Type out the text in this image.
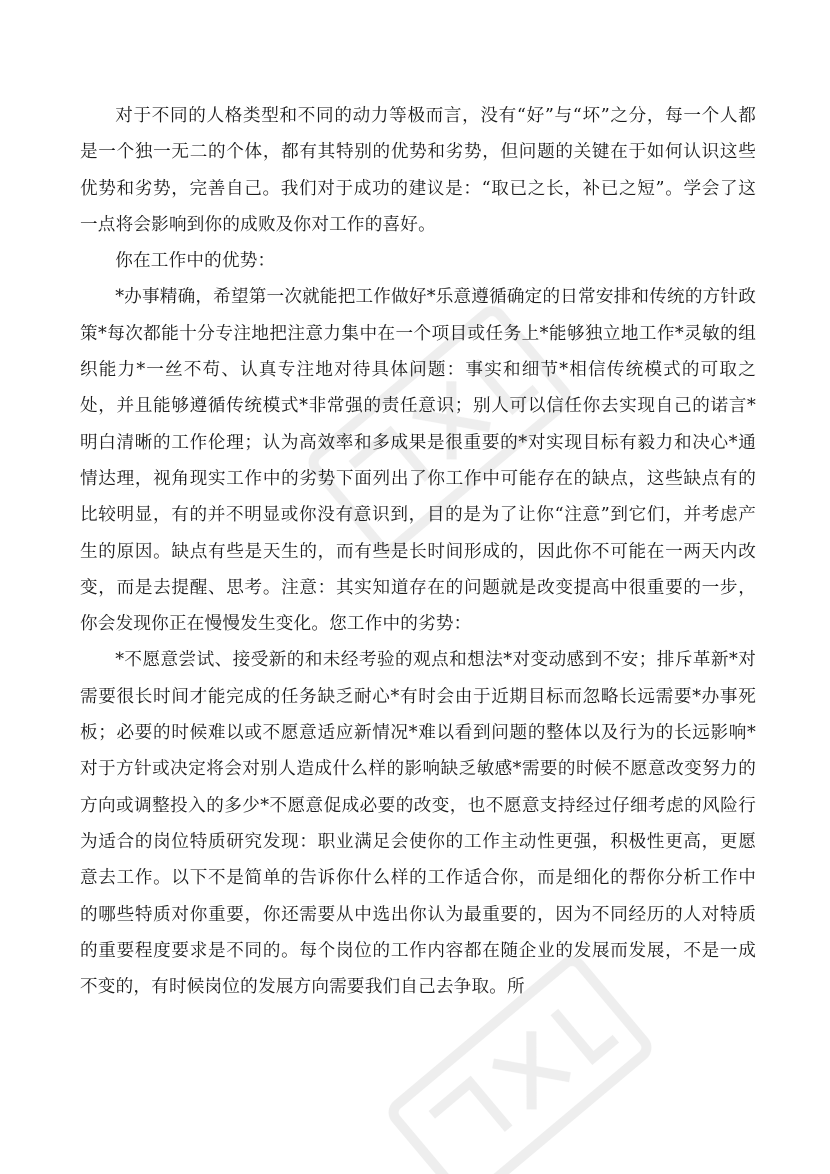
对于不同的人格类型和不同的动力等极而言，没有“好”与“坏”之分，每一个人都是一个独一无二的个体，都有其特别的优势和劣势，但问题的关键在于如何认识这些优势和劣势，完善自己。我们对于成功的建议是：“取已之长，补已之短”。学会了这一点将会影响到你的成败及你对工作的喜好。

你在工作中的优势：

*办事精确，希望第一次就能把工作做好*乐意遵循确定的日常安排和传统的方针政策*每次都能十分专注地把注意力集中在一个项目或任务上*能够独立地工作*灵敏的组织能力*一丝不苟、认真专注地对待具体问题：事实和细节*相信传统模式的可取之处，并且能够遵循传统模式*非常强的责任意识；别人可以信任你去实现自己的诺言*明白清晰的工作伦理；认为高效率和多成果是很重要的*对实现目标有毅力和决心*通情达理，视角现实工作中的劣势下面列出了你工作中可能存在的缺点，这些缺点有的比较明显，有的并不明显或你没有意识到，目的是为了让你“注意”到它们，并考虑产生的原因。缺点有些是天生的，而有些是长时间形成的，因此你不可能在一两天内改变，而是去提醒、思考。注意：其实知道存在的问题就是改变提高中很重要的一步，你会发现你正在慢慢发生变化。您工作中的劣势：

*不愿意尝试、接受新的和未经考验的观点和想法*对变动感到不安；排斥革新*对需要很长时间才能完成的任务缺乏耐心*有时会由于近期目标而忽略长远需要*办事死板；必要的时候难以或不愿意适应新情况*难以看到问题的整体以及行为的长远影响*对于方针或决定将会对别人造成什么样的影响缺乏敏感*需要的时候不愿意改变努力的方向或调整投入的多少*不愿意促成必要的改变，也不愿意支持经过仔细考虑的风险行为适合的岗位特质研究发现：职业满足会使你的工作主动性更强，积极性更高，更愿意去工作。以下不是简单的告诉你什么样的工作适合你，而是细化的帮你分析工作中的哪些特质对你重要，你还需要从中选出你认为最重要的，因为不同经历的人对特质的重要程度要求是不同的。每个岗位的工作内容都在随企业的发展而发展，不是一成不变的，有时候岗位的发展方向需要我们自己去争取。所
